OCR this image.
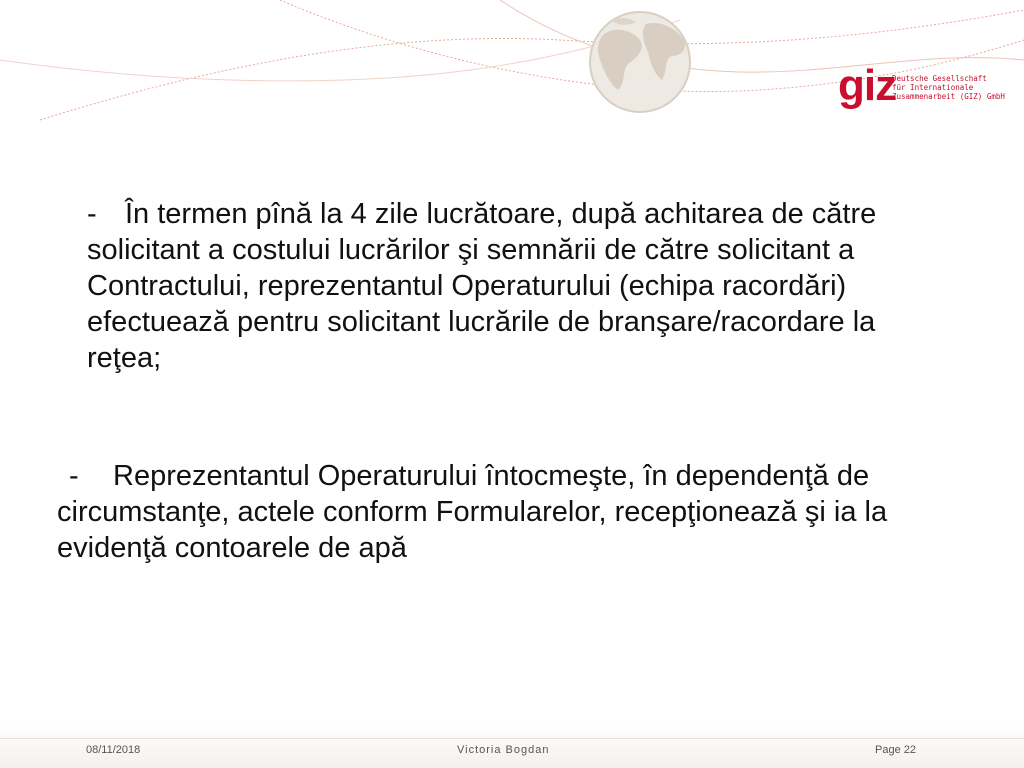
giz
Deutsche Gesellschaft
für Internationale
Zusammenarbeit (GIZ) GmbH

- În termen pînă la 4 zile lucrătoare, după achitarea de către solicitant a costului lucrărilor şi semnării de către solicitant a Contractului, reprezentantul Operaturului (echipa racordări) efectuează pentru solicitant lucrările de branşare/racordare la reţea;

- Reprezentantul Operaturului întocmeşte, în dependenţă de circumstanţe, actele conform Formularelor, recepţionează şi ia la evidenţă contoarele de apă

08/11/2018	Victoria Bogdan	Page 22
